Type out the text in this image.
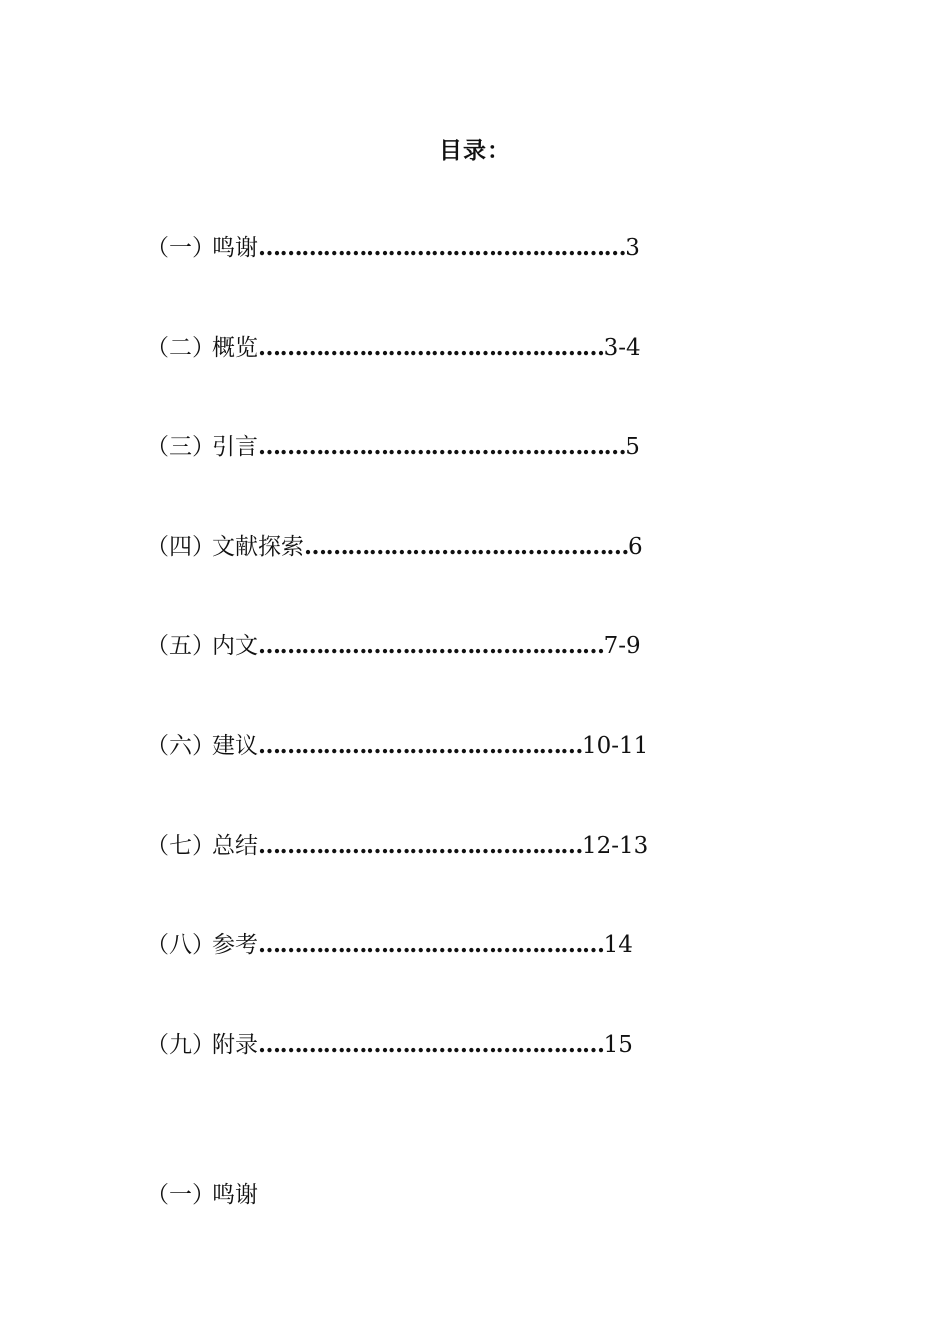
目录：
（一）
鸣谢 …………………………………………… 3
（二）
概览 ………………………………………… 3-4
（三）
引言 …………………………………………… 5
（四）
文献探索 ……………………………………… 6
（五）
内文 ………………………………………… 7-9
（六）
建议 ……………………………………… 10-11
（七）
总结 ……………………………………… 12-13
（八）
参考 ………………………………………… 14
（九）
附录 ………………………………………… 15
（一）鸣谢
